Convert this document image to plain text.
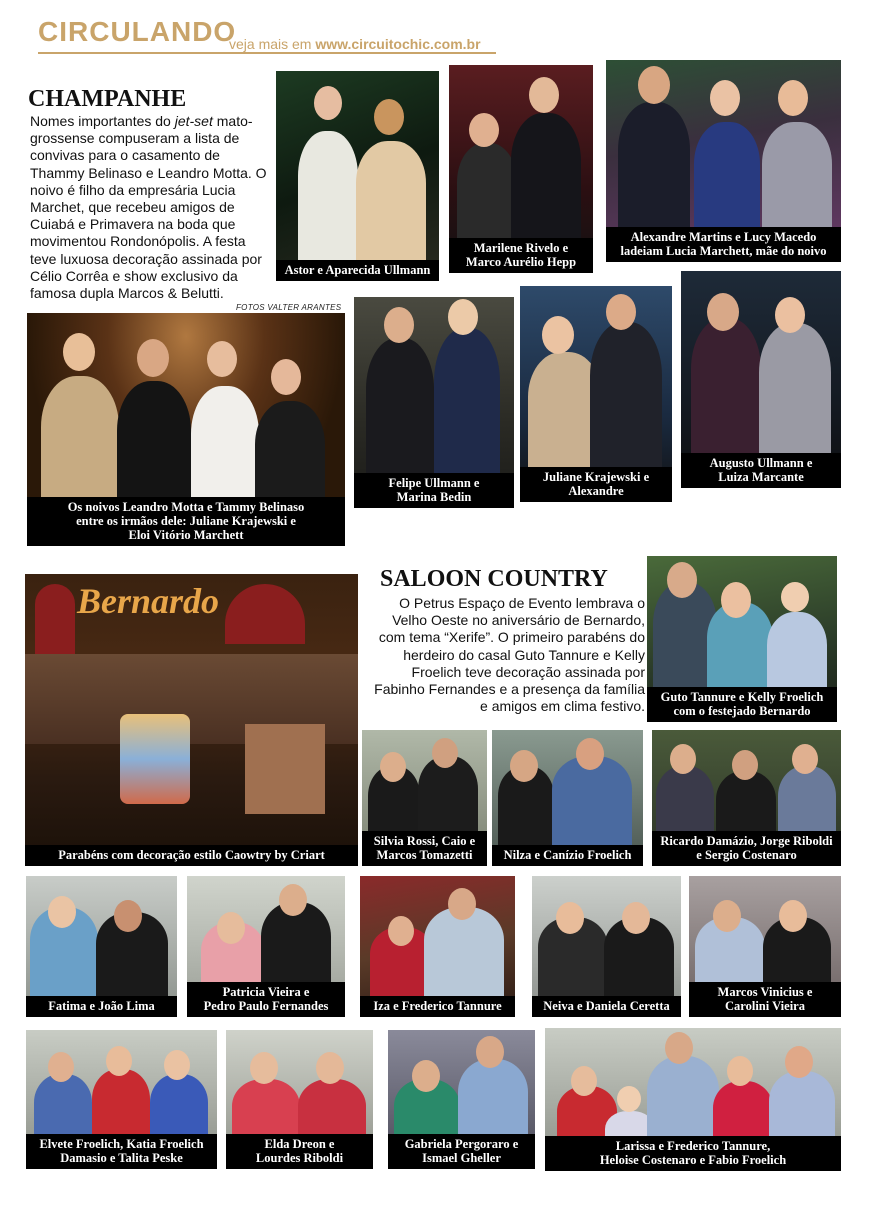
CIRCULANDO
veja mais em www.circuitochic.com.br
CHAMPANHE
Nomes importantes do jet-set mato-grossense compuseram a lista de convivas para o casamento de Thammy Belinaso e Leandro Motta. O noivo é filho da empresária Lucia Marchet, que recebeu amigos de Cuiabá e Primavera na boda que movimentou Rondonópolis. A festa teve luxuosa decoração assinada por Célio Corrêa e show exclusivo da famosa dupla Marcos & Belutti.
FOTOS VALTER ARANTES
Astor e Aparecida Ullmann
Marilene Rivelo e
Marco Aurélio Hepp
Alexandre Martins e Lucy Macedo
ladeiam Lucia Marchett, mãe do noivo
Os noivos Leandro Motta e Tammy Belinaso
entre os irmãos dele: Juliane Krajewski e
Eloi Vitório Marchett
Felipe Ullmann e
Marina Bedin
Juliane Krajewski e
Alexandre
Augusto Ullmann e
Luiza Marcante
SALOON COUNTRY
O Petrus Espaço de Evento lembrava o Velho Oeste no aniversário de Bernardo, com tema “Xerife”. O primeiro parabéns do herdeiro do casal Guto Tannure e Kelly Froelich teve decoração assinada por Fabinho Fernandes e a presença da família e amigos em clima festivo.
Bernardo
Parabéns com decoração estilo Caowtry by Criart
Guto Tannure e Kelly Froelich
com o festejado Bernardo
Silvia Rossi, Caio e
Marcos Tomazetti	Nilza e Canízio Froelich
Ricardo Damázio, Jorge Riboldi
e Sergio Costenaro
Fatima e João Lima
Patricia Vieira e
Pedro Paulo Fernandes	Iza e Frederico Tannure	Neiva e Daniela Ceretta
Marcos Vinicius e
Carolini Vieira
Elvete Froelich, Katia Froelich
Damasio e Talita Peske
Elda Dreon e
Lourdes Riboldi
Gabriela Pergoraro e
Ismael Gheller
Larissa e Frederico Tannure,
Heloise Costenaro e Fabio Froelich
